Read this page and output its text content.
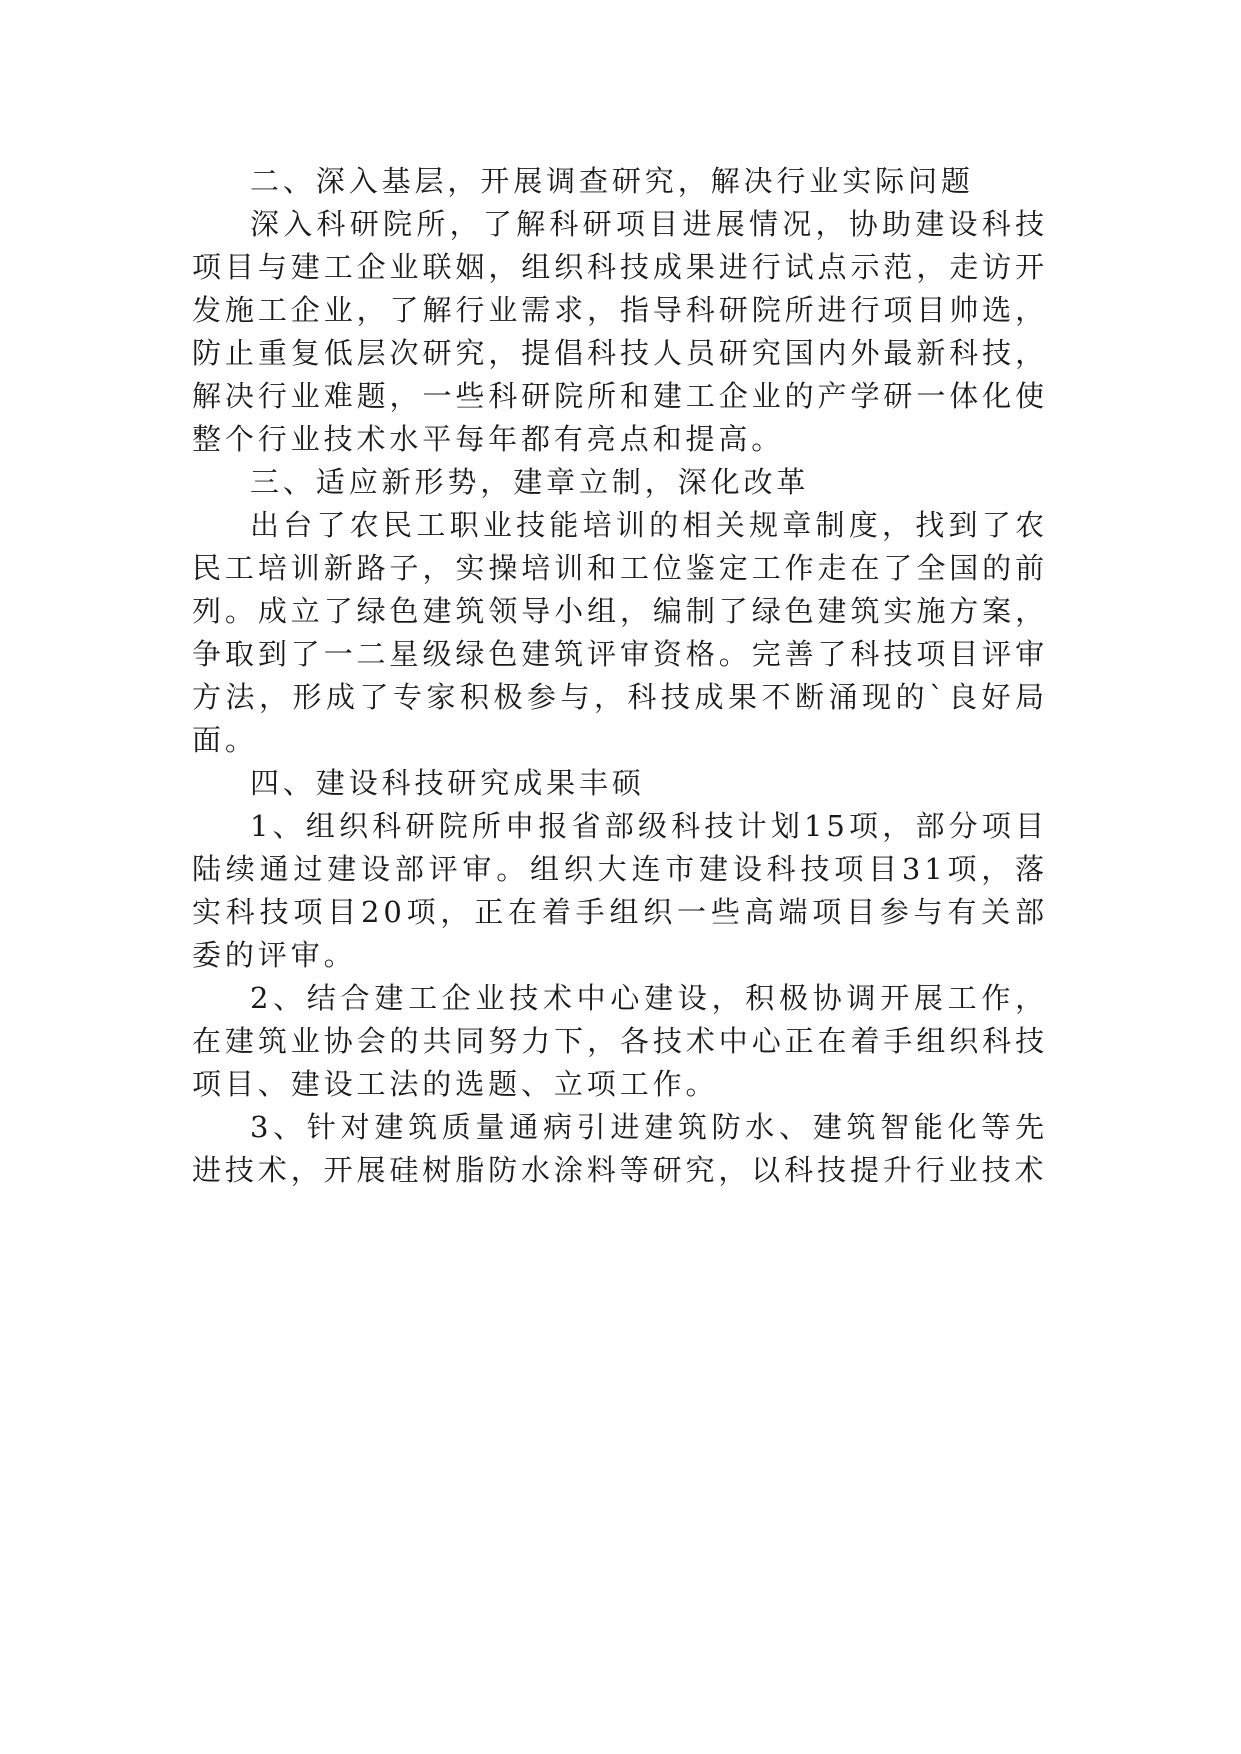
二、深入基层，开展调查研究，解决行业实际问题

深入科研院所，了解科研项目进展情况，协助建设科技项目与建工企业联姻，组织科技成果进行试点示范，走访开发施工企业，了解行业需求，指导科研院所进行项目帅选，防止重复低层次研究，提倡科技人员研究国内外最新科技，解决行业难题，一些科研院所和建工企业的产学研一体化使整个行业技术水平每年都有亮点和提高。

三、适应新形势，建章立制，深化改革

出台了农民工职业技能培训的相关规章制度，找到了农民工培训新路子，实操培训和工位鉴定工作走在了全国的前列。成立了绿色建筑领导小组，编制了绿色建筑实施方案，争取到了一二星级绿色建筑评审资格。完善了科技项目评审方法，形成了专家积极参与，科技成果不断涌现的`良好局面。

四、建设科技研究成果丰硕

1、组织科研院所申报省部级科技计划15项，部分项目陆续通过建设部评审。组织大连市建设科技项目31项，落实科技项目20项，正在着手组织一些高端项目参与有关部委的评审。

2、结合建工企业技术中心建设，积极协调开展工作，在建筑业协会的共同努力下，各技术中心正在着手组织科技项目、建设工法的选题、立项工作。

3、针对建筑质量通病引进建筑防水、建筑智能化等先进技术，开展硅树脂防水涂料等研究，以科技提升行业技术
